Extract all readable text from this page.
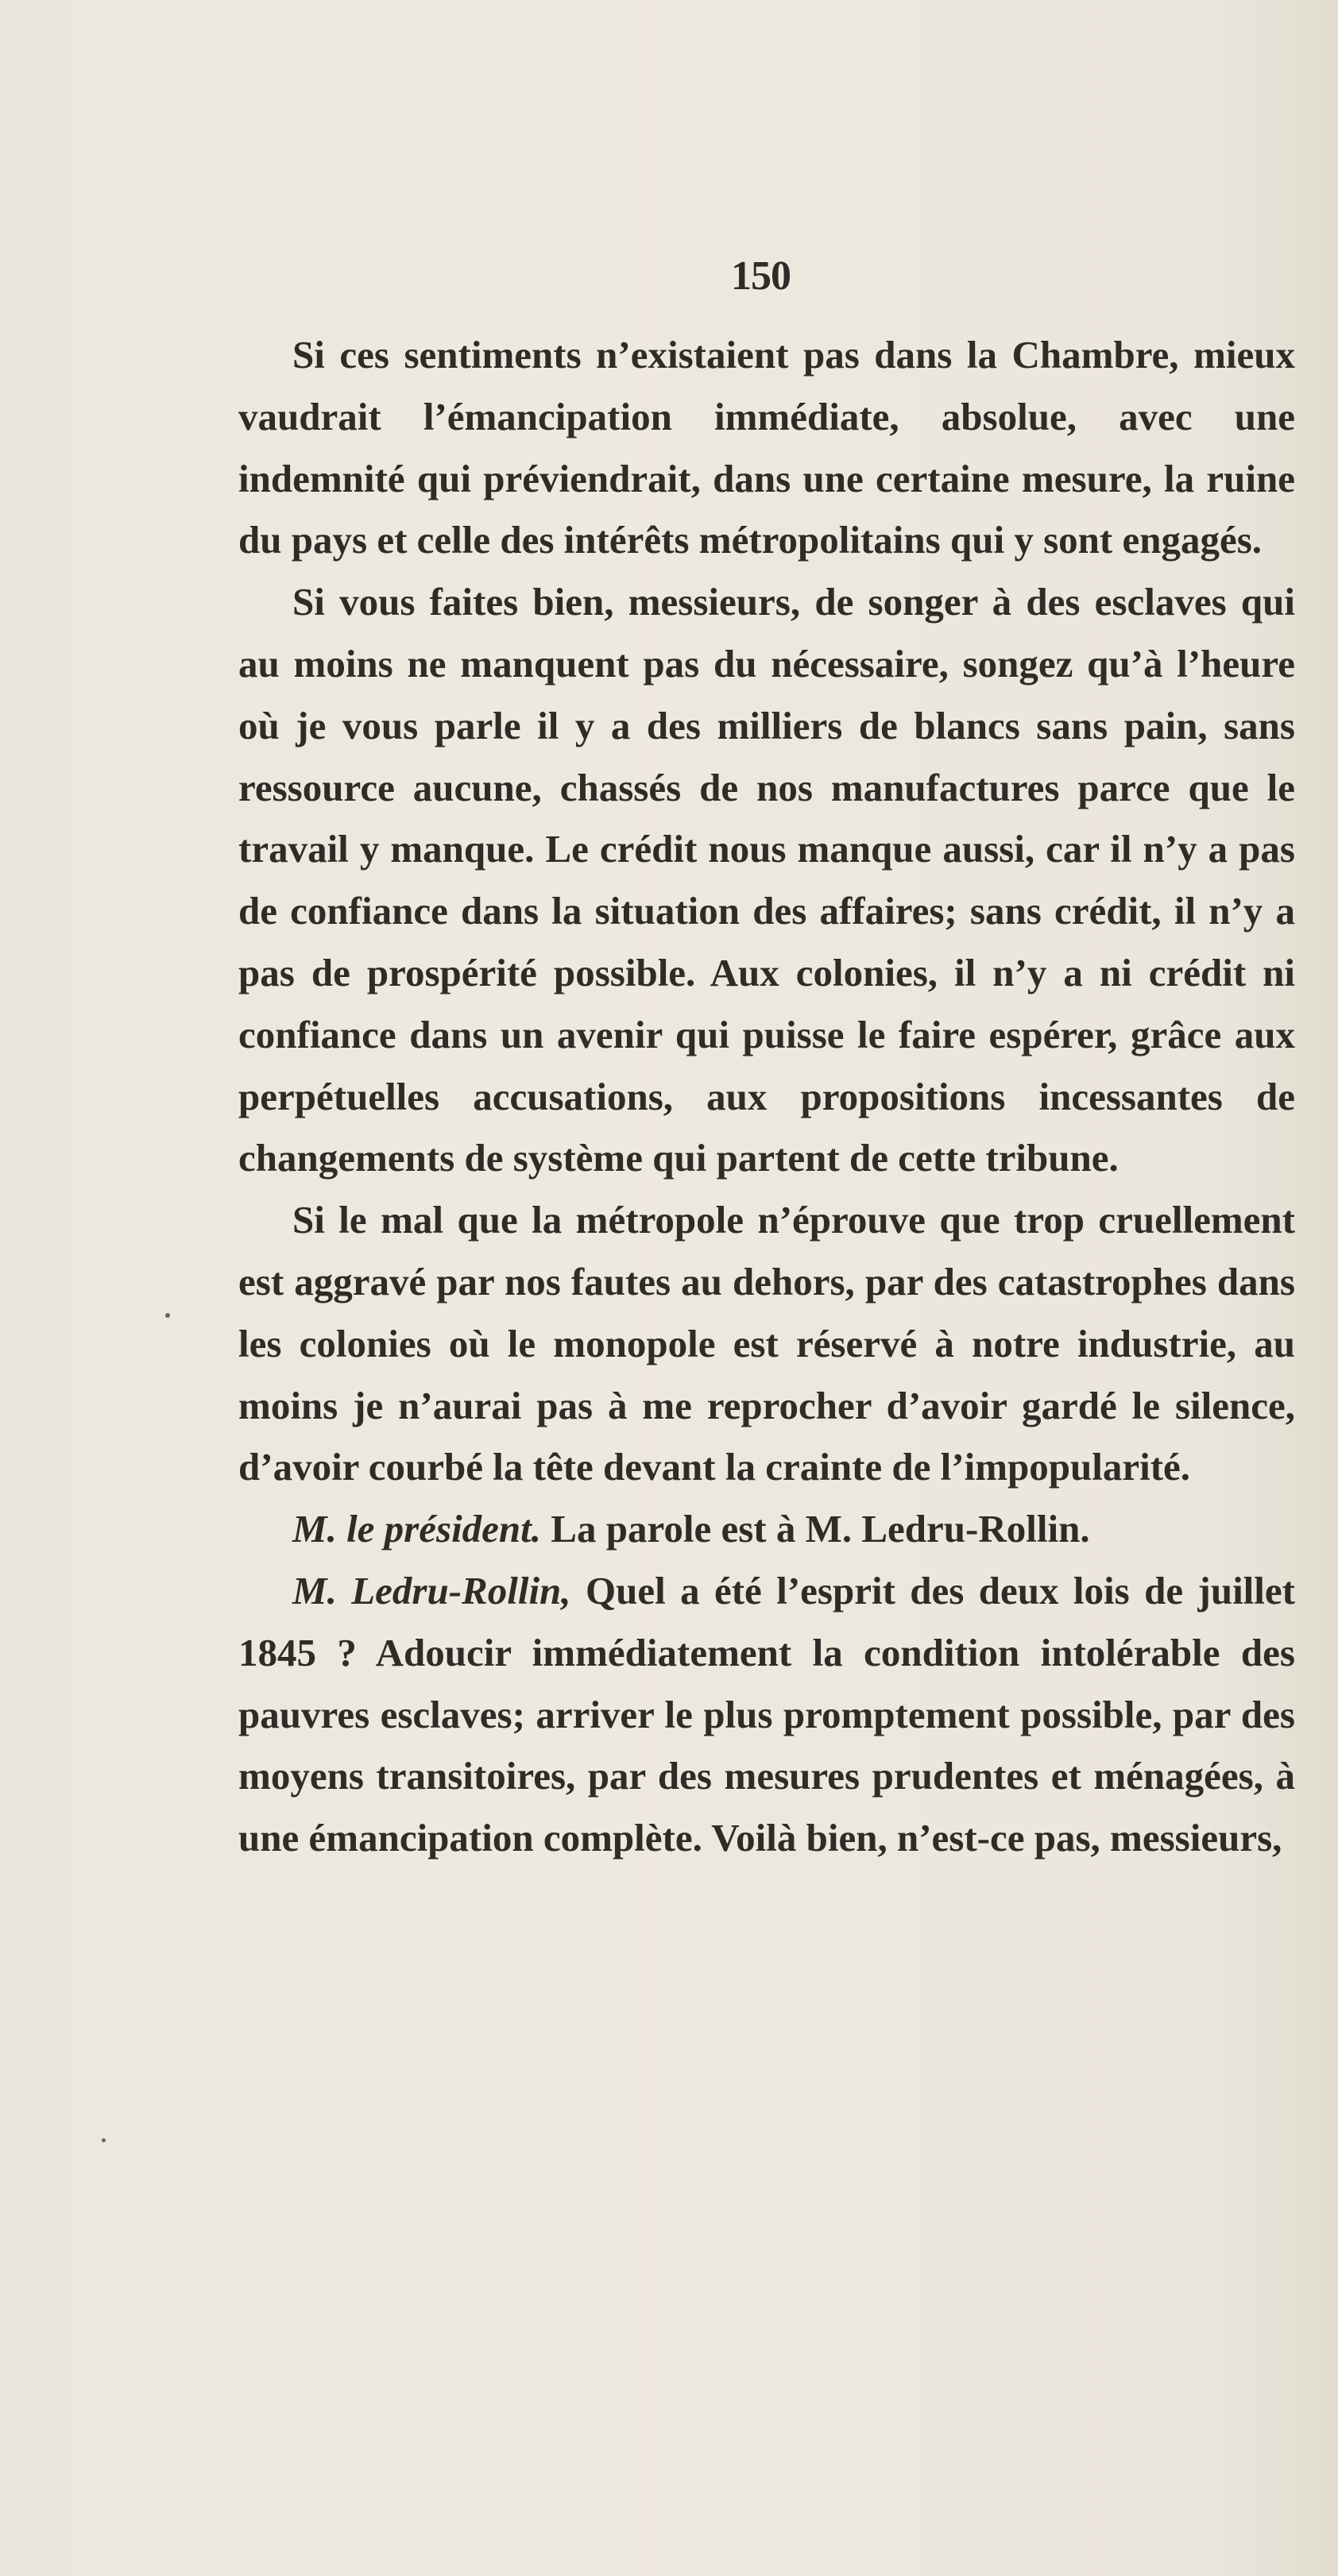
150

Si ces sentiments n’existaient pas dans la Chambre, mieux vaudrait l’émancipation immédiate, absolue, avec une indemnité qui préviendrait, dans une certaine mesure, la ruine du pays et celle des intérêts métropolitains qui y sont engagés.

Si vous faites bien, messieurs, de songer à des esclaves qui au moins ne manquent pas du nécessaire, songez qu’à l’heure où je vous parle il y a des milliers de blancs sans pain, sans ressource aucune, chassés de nos manufactures parce que le travail y manque. Le crédit nous manque aussi, car il n’y a pas de confiance dans la situation des affaires; sans crédit, il n’y a pas de prospérité possible. Aux colonies, il n’y a ni crédit ni confiance dans un avenir qui puisse le faire espérer, grâce aux perpétuelles accusations, aux propositions incessantes de changements de système qui partent de cette tribune.

Si le mal que la métropole n’éprouve que trop cruellement est aggravé par nos fautes au dehors, par des catastrophes dans les colonies où le monopole est réservé à notre industrie, au moins je n’aurai pas à me reprocher d’avoir gardé le silence, d’avoir courbé la tête devant la crainte de l’impopularité.

M. le président. La parole est à M. Ledru-Rollin.

M. Ledru-Rollin, Quel a été l’esprit des deux lois de juillet 1845 ? Adoucir immédiatement la condition intolérable des pauvres esclaves; arriver le plus promptement possible, par des moyens transitoires, par des mesures prudentes et ménagées, à une émancipation complète. Voilà bien, n’est-ce pas, messieurs,
